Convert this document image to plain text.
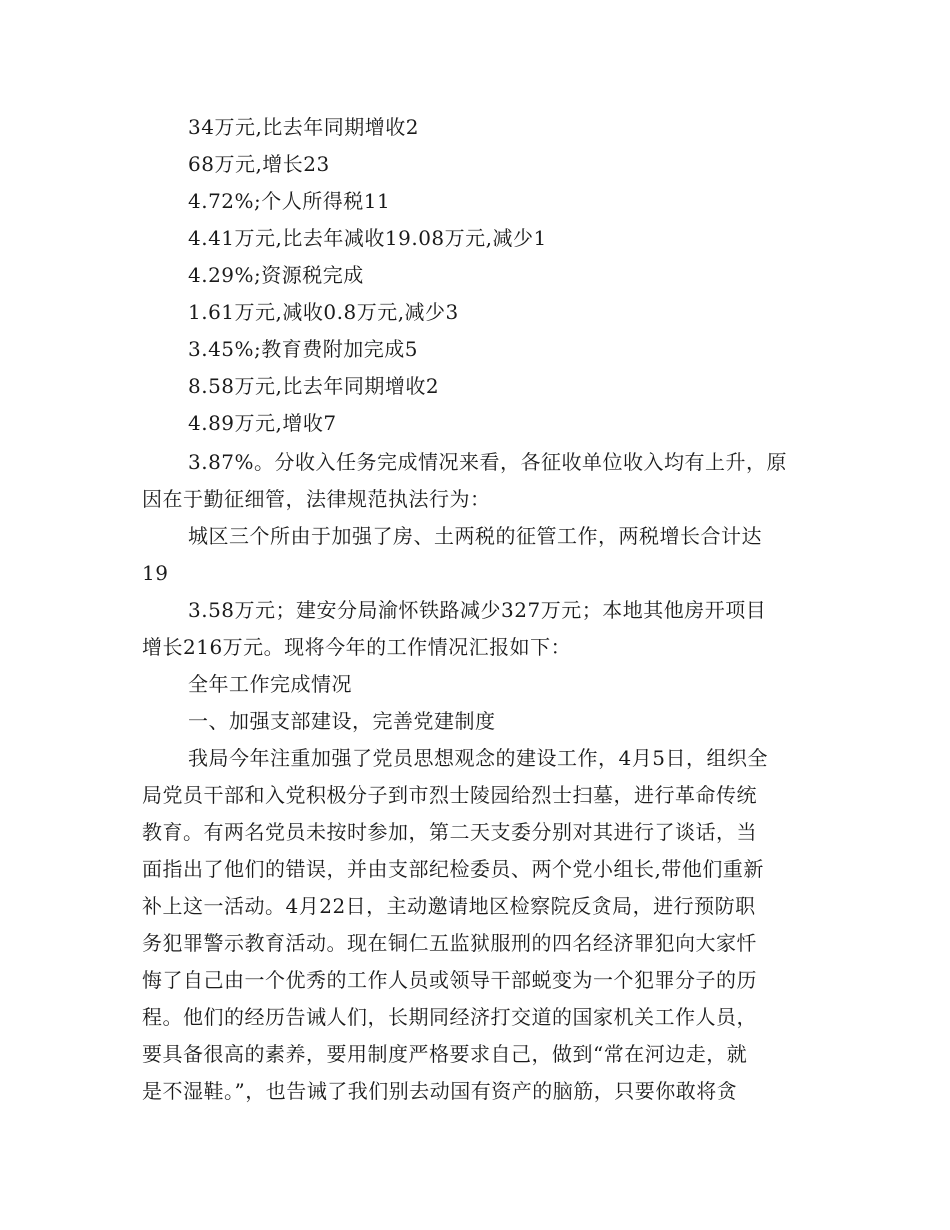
34万元,比去年同期增收2
68万元,增长23
4.72%;个人所得税11
4.41万元,比去年减收19.08万元,减少1
4.29%;资源税完成
1.61万元,减收0.8万元,减少3
3.45%;教育费附加完成5
8.58万元,比去年同期增收2
4.89万元,增收7
3.87%。分收入任务完成情况来看，各征收单位收入均有上升，原
因在于勤征细管，法律规范执法行为：
城区三个所由于加强了房、土两税的征管工作，两税增长合计达
19
3.58万元；建安分局渝怀铁路减少327万元；本地其他房开项目
增长216万元。现将今年的工作情况汇报如下：
全年工作完成情况
一、加强支部建设，完善党建制度
我局今年注重加强了党员思想观念的建设工作，4月5日，组织全
局党员干部和入党积极分子到市烈士陵园给烈士扫墓，进行革命传统
教育。有两名党员未按时参加，第二天支委分别对其进行了谈话，当
面指出了他们的错误，并由支部纪检委员、两个党小组长,带他们重新
补上这一活动。4月22日，主动邀请地区检察院反贪局，进行预防职
务犯罪警示教育活动。现在铜仁五监狱服刑的四名经济罪犯向大家忏
悔了自己由一个优秀的工作人员或领导干部蜕变为一个犯罪分子的历
程。他们的经历告诫人们，长期同经济打交道的国家机关工作人员，
要具备很高的素养，要用制度严格要求自己，做到“常在河边走，就
是不湿鞋。”，也告诫了我们别去动国有资产的脑筋，只要你敢将贪
